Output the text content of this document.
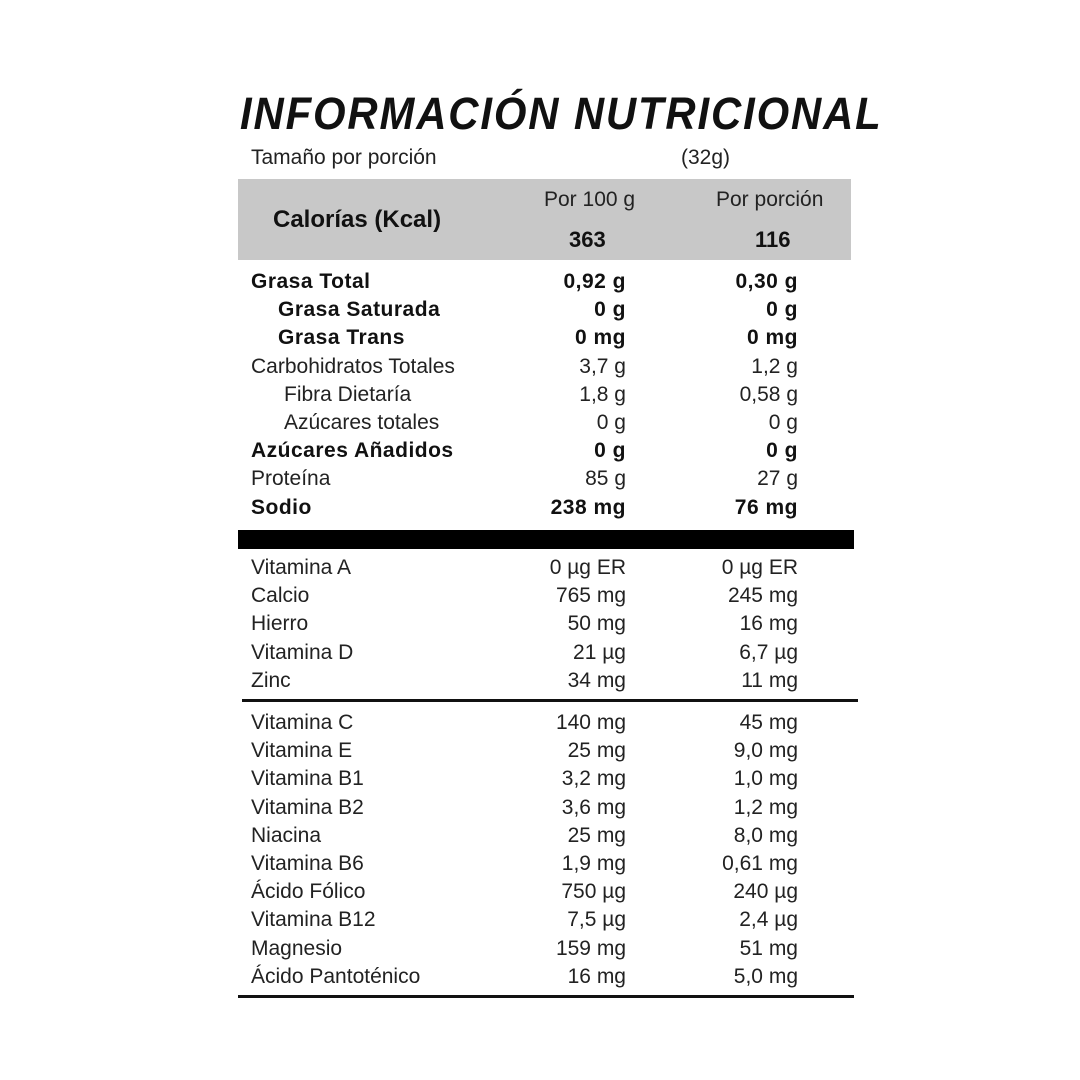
INFORMACIÓN NUTRICIONAL
Tamaño por porción	(32g)
Calorías (Kcal)
Por 100 g	Por porción
363	116
Grasa Total	0,92 g	0,30 g
Grasa Saturada	0 g	0 g
Grasa Trans	0 mg	0 mg
Carbohidratos Totales	3,7 g	1,2 g
Fibra Dietaría	1,8 g	0,58 g
Azúcares totales	0 g	0 g
Azúcares Añadidos	0 g	0 g
Proteína	85 g	27 g
Sodio	238 mg	76 mg
Vitamina A	0 µg ER	0 µg ER
Calcio	765 mg	245 mg
Hierro	50 mg	16 mg
Vitamina D	21 µg	6,7 µg
Zinc	34 mg	11 mg
Vitamina C	140 mg	45 mg
Vitamina E	25 mg	9,0 mg
Vitamina B1	3,2 mg	1,0 mg
Vitamina B2	3,6 mg	1,2 mg
Niacina	25 mg	8,0 mg
Vitamina B6	1,9 mg	0,61 mg
Ácido Fólico	750 µg	240 µg
Vitamina B12	7,5 µg	2,4 µg
Magnesio	159 mg	51 mg
Ácido Pantoténico	16 mg	5,0 mg
